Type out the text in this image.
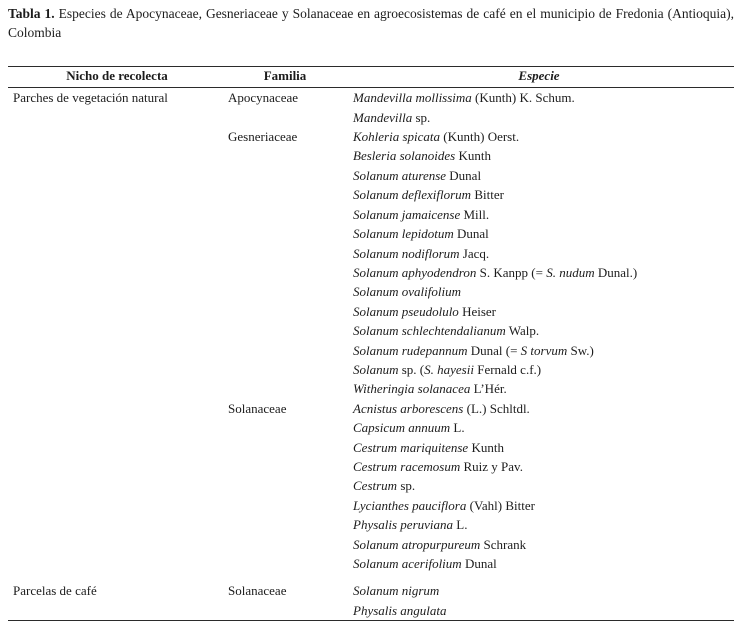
Tabla 1. Especies de Apocynaceae, Gesneriaceae y Solanaceae en agroecosistemas de café en el municipio de Fredonia (Antioquia), Colombia

Nicho de recolecta	Familia	Especie
Parches de vegetación natural	Apocynaceae	Mandevilla mollissima (Kunth) K. Schum.
		Mandevilla sp.
	Gesneriaceae	Kohleria spicata (Kunth) Oerst.
		Besleria solanoides Kunth
		Solanum aturense Dunal
		Solanum deflexiflorum Bitter
		Solanum jamaicense Mill.
		Solanum lepidotum Dunal
		Solanum nodiflorum Jacq.
		Solanum aphyodendron S. Kanpp (= S. nudum Dunal.)
		Solanum ovalifolium
		Solanum pseudolulo Heiser
		Solanum schlechtendalianum Walp.
		Solanum rudepannum Dunal (= S torvum Sw.)
		Solanum sp. (S. hayesii Fernald c.f.)
		Witheringia solanacea L’Hér.
	Solanaceae	Acnistus arborescens (L.) Schltdl.
		Capsicum annuum L.
		Cestrum mariquitense Kunth
		Cestrum racemosum Ruiz y Pav.
		Cestrum sp.
		Lycianthes pauciflora (Vahl) Bitter
		Physalis peruviana L.
		Solanum atropurpureum Schrank
		Solanum acerifolium Dunal
Parcelas de café	Solanaceae	Solanum nigrum
		Physalis angulata
